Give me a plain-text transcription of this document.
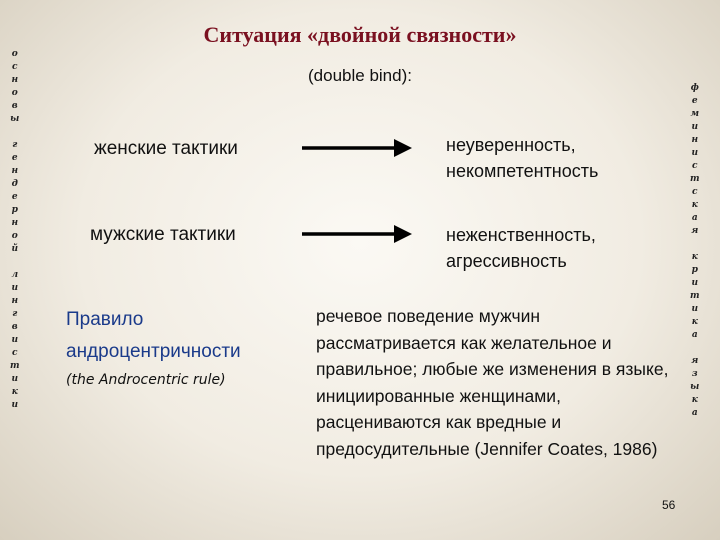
Ситуация «двойной связности»
(double bind):
женские тактики	неуверенность,
некомпетентность
мужские тактики	неженственность,
агрессивность
Правило
андроцентричности
(the Androcentric rule)
речевое поведение мужчин рассматривается как желательное и правильное; любые же изменения в языке, инициированные женщинами, расцениваются как вредные и предосудительные (Jennifer Coates, 1986)
56
о
с
н
о
в
ы
г
е
н
д
е
р
н
о
й
л
и
н
г
в
и
с
т
и
к
и
ф
е
м
и
н
и
с
т
с
к
а
я
к
р
и
т
и
к
а
я
з
ы
к
а
